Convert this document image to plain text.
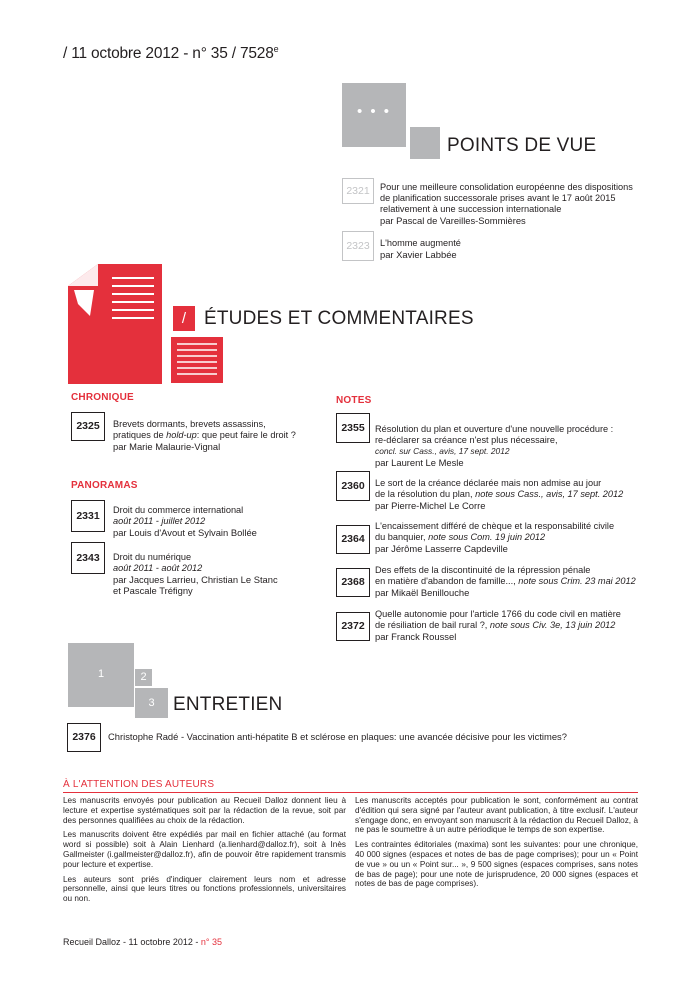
/ 11 octobre 2012 - n° 35 / 7528e
• • •
POINTS DE VUE
2321	Pour une meilleure consolidation européenne des dispositions
de planification successorale prises avant le 17 août 2015
relativement à une succession internationale
par Pascal de Vareilles-Sommières
2323	L'homme augmenté
par Xavier Labbée
/ ÉTUDES ET COMMENTAIRES
CHRONIQUE
2325	Brevets dormants, brevets assassins,
pratiques de hold-up: que peut faire le droit ?
par Marie Malaurie-Vignal
PANORAMAS
2331	Droit du commerce international
août 2011 - juillet 2012
par Louis d'Avout et Sylvain Bollée
2343	Droit du numérique
août 2011 - août 2012
par Jacques Larrieu, Christian Le Stanc
et Pascale Tréfigny
NOTES
2355	Résolution du plan et ouverture d'une nouvelle procédure :
re-déclarer sa créance n'est plus nécessaire,
concl. sur Cass., avis, 17 sept. 2012
par Laurent Le Mesle
2360	Le sort de la créance déclarée mais non admise au jour
de la résolution du plan, note sous Cass., avis, 17 sept. 2012
par Pierre-Michel Le Corre
2364
L'encaissement différé de chèque et la responsabilité civile
du banquier, note sous Com. 19 juin 2012
par Jérôme Lasserre Capdeville
2368
Des effets de la discontinuité de la répression pénale
en matière d'abandon de famille..., note sous Crim. 23 mai 2012
par Mikaël Benillouche
2372
Quelle autonomie pour l'article 1766 du code civil en matière
de résiliation de bail rural ?, note sous Civ. 3e, 13 juin 2012
par Franck Roussel
1	2
3 ENTRETIEN
2376	Christophe Radé - Vaccination anti-hépatite B et sclérose en plaques: une avancée décisive pour les victimes?
À L'ATTENTION DES AUTEURS

Les manuscrits envoyés pour publication au Recueil Dalloz donnent lieu à lecture et expertise systématiques soit par la rédaction de la revue, soit par des personnes qualifiées au choix de la rédaction.

Les manuscrits doivent être expédiés par mail en fichier attaché (au format word si possible) soit à Alain Lienhard (a.lienhard@dalloz.fr), soit à Inès Gallmeister (i.gallmeister@dalloz.fr), afin de pouvoir être rapidement transmis pour lecture et expertise.

Les auteurs sont priés d'indiquer clairement leurs nom et adresse personnelle, ainsi que leurs titres ou fonctions professionnels, universitaires ou non.

Les manuscrits acceptés pour publication le sont, conformément au contrat d'édition qui sera signé par l'auteur avant publication, à titre exclusif. L'auteur s'engage donc, en envoyant son manuscrit à la rédaction du Recueil Dalloz, à ne pas le soumettre à un autre périodique le temps de son expertise.

Les contraintes éditoriales (maxima) sont les suivantes: pour une chronique, 40 000 signes (espaces et notes de bas de page comprises); pour un « Point de vue » ou un « Point sur... », 9 500 signes (espaces comprises, sans notes de bas de page); pour une note de jurisprudence, 20 000 signes (espaces et notes de bas de page comprises).

Recueil Dalloz - 11 octobre 2012 - n° 35
